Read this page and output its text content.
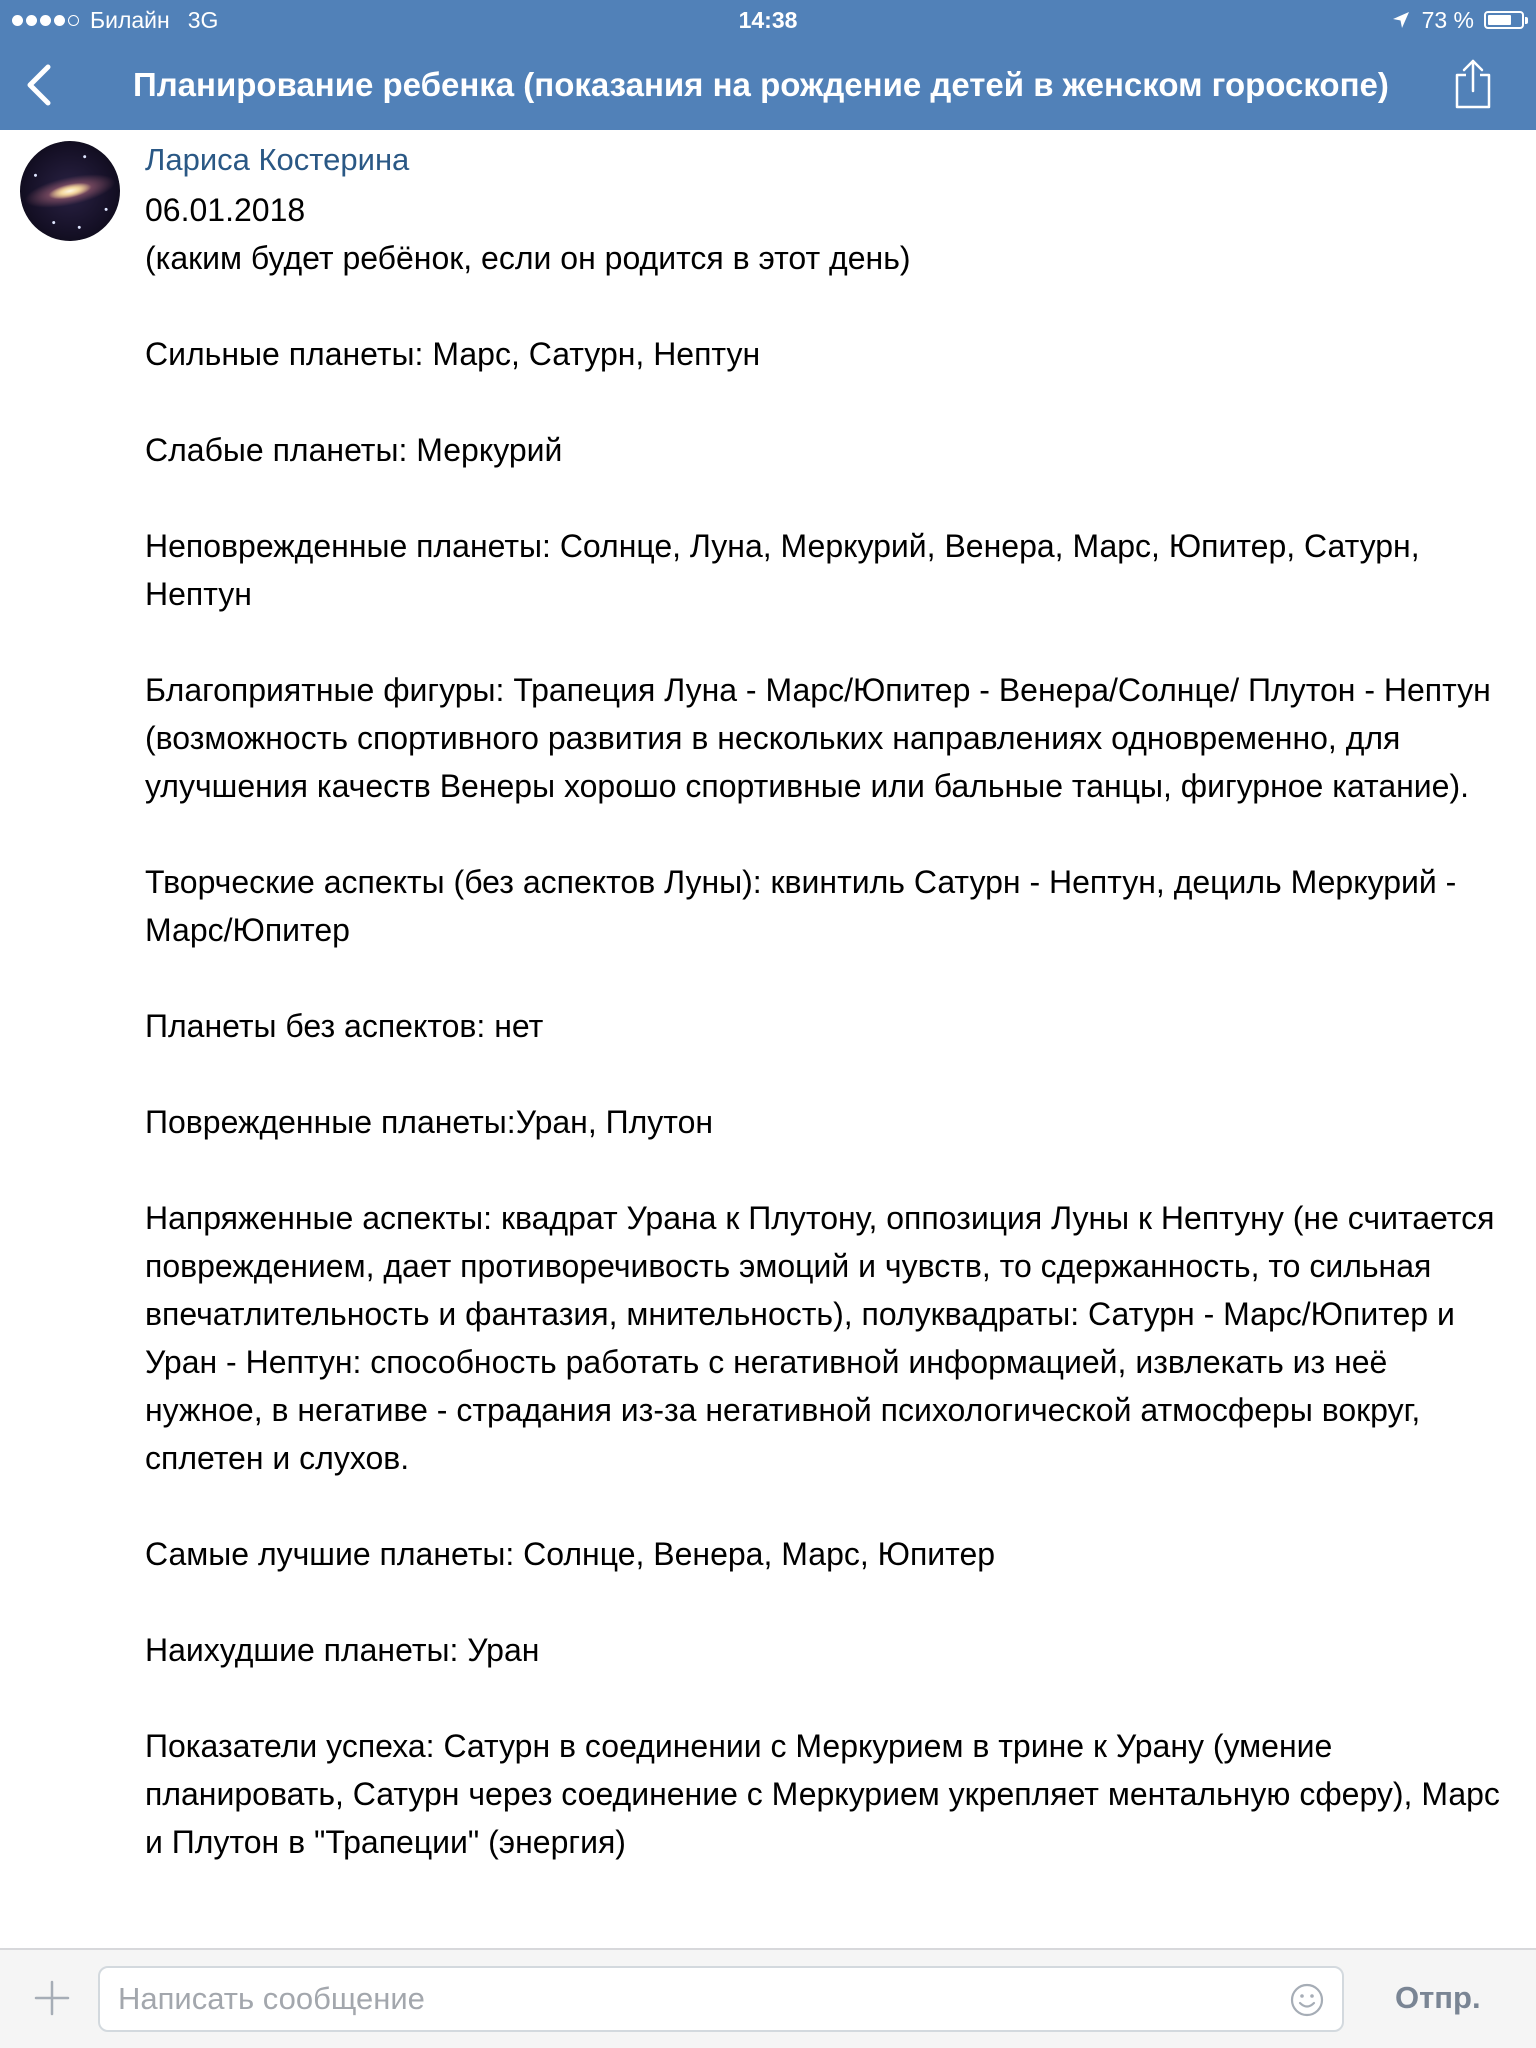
Билайн 3G	14:38	73 %
Планирование ребенка (показания на рождение детей в женском гороскопе)
Лариса Костерина

06.01.2018

(каким будет ребёнок, если он родится в этот день)

Сильные планеты: Марс, Сатурн, Нептун

Слабые планеты: Меркурий

Неповрежденные планеты: Солнце, Луна, Меркурий, Венера, Марс, Юпитер, Сатурн, Нептун

Благоприятные фигуры: Трапеция Луна - Марс/Юпитер - Венера/Солнце/ Плутон - Нептун (возможность спортивного развития в нескольких направлениях одновременно, для улучшения качеств Венеры хорошо спортивные или бальные танцы, фигурное катание).

Творческие аспекты (без аспектов Луны): квинтиль Сатурн - Нептун, дециль Меркурий - Марс/Юпитер

Планеты без аспектов: нет

Поврежденные планеты:Уран, Плутон

Напряженные аспекты: квадрат Урана к Плутону, оппозиция Луны к Нептуну (не считается повреждением, дает противоречивость эмоций и чувств, то сдержанность, то сильная впечатлительность и фантазия, мнительность), полуквадраты: Сатурн - Марс/Юпитер и Уран - Нептун: способность работать с негативной информацией, извлекать из неё нужное, в негативе - страдания из-за негативной психологической атмосферы вокруг, сплетен и слухов.

Самые лучшие планеты: Солнце, Венера, Марс, Юпитер

Наихудшие планеты: Уран

Показатели успеха: Сатурн в соединении с Меркурием в трине к Урану (умение планировать, Сатурн через соединение с Меркурием укрепляет ментальную сферу), Марс и Плутон в "Трапеции" (энергия)

Написать сообщение
Отпр.
